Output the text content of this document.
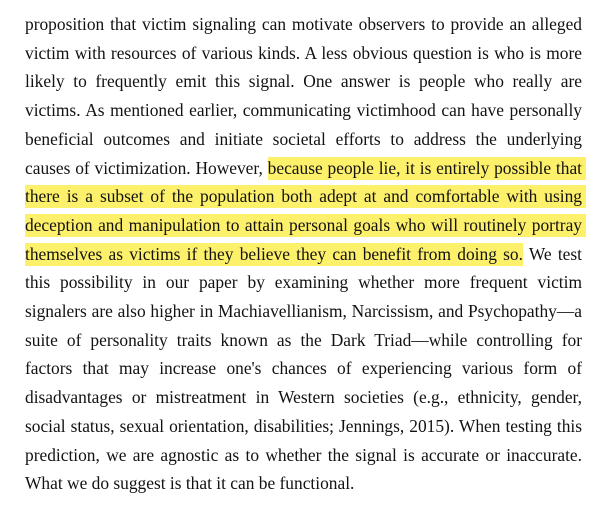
proposition that victim signaling can motivate observers to provide an alleged victim with resources of various kinds. A less obvious question is who is more likely to frequently emit this signal. One answer is people who really are victims. As mentioned earlier, communicating victimhood can have personally beneficial outcomes and initiate societal efforts to address the underlying causes of victimization. However, because people lie, it is entirely possible that there is a subset of the population both adept at and comfortable with using deception and manipulation to attain personal goals who will routinely portray themselves as victims if they believe they can benefit from doing so. We test this possibility in our paper by examining whether more frequent victim signalers are also higher in Machiavellianism, Narcissism, and Psychopathy—a suite of personality traits known as the Dark Triad—while controlling for factors that may increase one's chances of experiencing various form of disadvantages or mistreatment in Western societies (e.g., ethnicity, gender, social status, sexual orientation, disabilities; Jennings, 2015). When testing this prediction, we are agnostic as to whether the signal is accurate or inaccurate. What we do suggest is that it can be functional.
